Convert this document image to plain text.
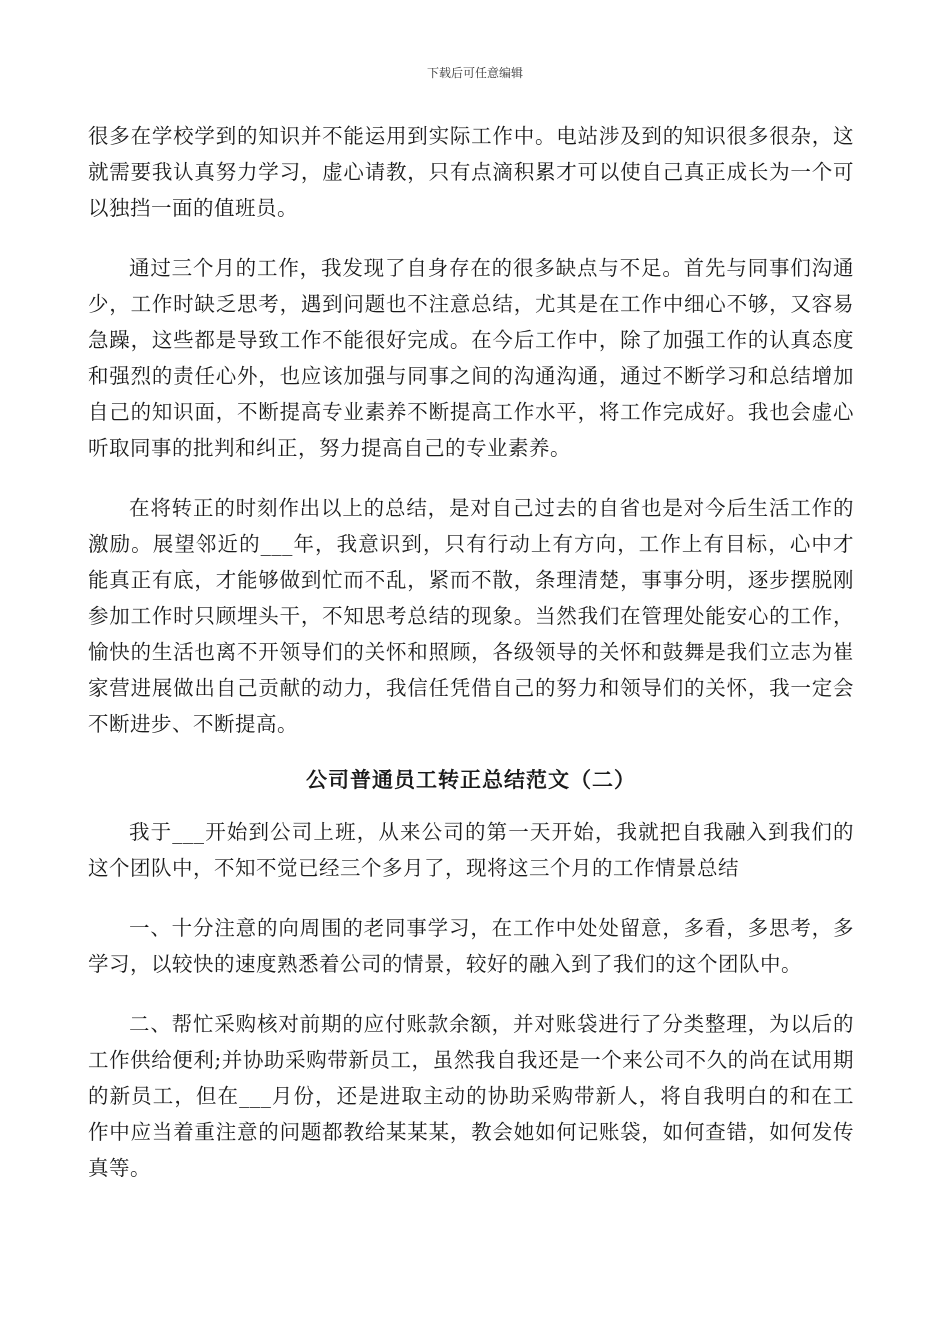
下载后可任意编辑

很多在学校学到的知识并不能运用到实际工作中。电站涉及到的知识很多很杂，这就需要我认真努力学习，虚心请教，只有点滴积累才可以使自己真正成长为一个可以独挡一面的值班员。

通过三个月的工作，我发现了自身存在的很多缺点与不足。首先与同事们沟通少，工作时缺乏思考，遇到问题也不注意总结，尤其是在工作中细心不够，又容易急躁，这些都是导致工作不能很好完成。在今后工作中，除了加强工作的认真态度和强烈的责任心外，也应该加强与同事之间的沟通沟通，通过不断学习和总结增加自己的知识面，不断提高专业素养不断提高工作水平，将工作完成好。我也会虚心听取同事的批判和纠正，努力提高自己的专业素养。

在将转正的时刻作出以上的总结，是对自己过去的自省也是对今后生活工作的激励。展望邻近的___年，我意识到，只有行动上有方向，工作上有目标，心中才能真正有底，才能够做到忙而不乱，紧而不散，条理清楚，事事分明，逐步摆脱刚参加工作时只顾埋头干，不知思考总结的现象。当然我们在管理处能安心的工作，愉快的生活也离不开领导们的关怀和照顾，各级领导的关怀和鼓舞是我们立志为崔家营进展做出自己贡献的动力，我信任凭借自己的努力和领导们的关怀，我一定会不断进步、不断提高。

公司普通员工转正总结范文（二）

我于___开始到公司上班，从来公司的第一天开始，我就把自我融入到我们的这个团队中，不知不觉已经三个多月了，现将这三个月的工作情景总结

一、十分注意的向周围的老同事学习，在工作中处处留意，多看，多思考，多学习，以较快的速度熟悉着公司的情景，较好的融入到了我们的这个团队中。

二、帮忙采购核对前期的应付账款余额，并对账袋进行了分类整理，为以后的工作供给便利;并协助采购带新员工，虽然我自我还是一个来公司不久的尚在试用期的新员工，但在___月份，还是进取主动的协助采购带新人，将自我明白的和在工作中应当着重注意的问题都教给某某某，教会她如何记账袋，如何查错，如何发传真等。
